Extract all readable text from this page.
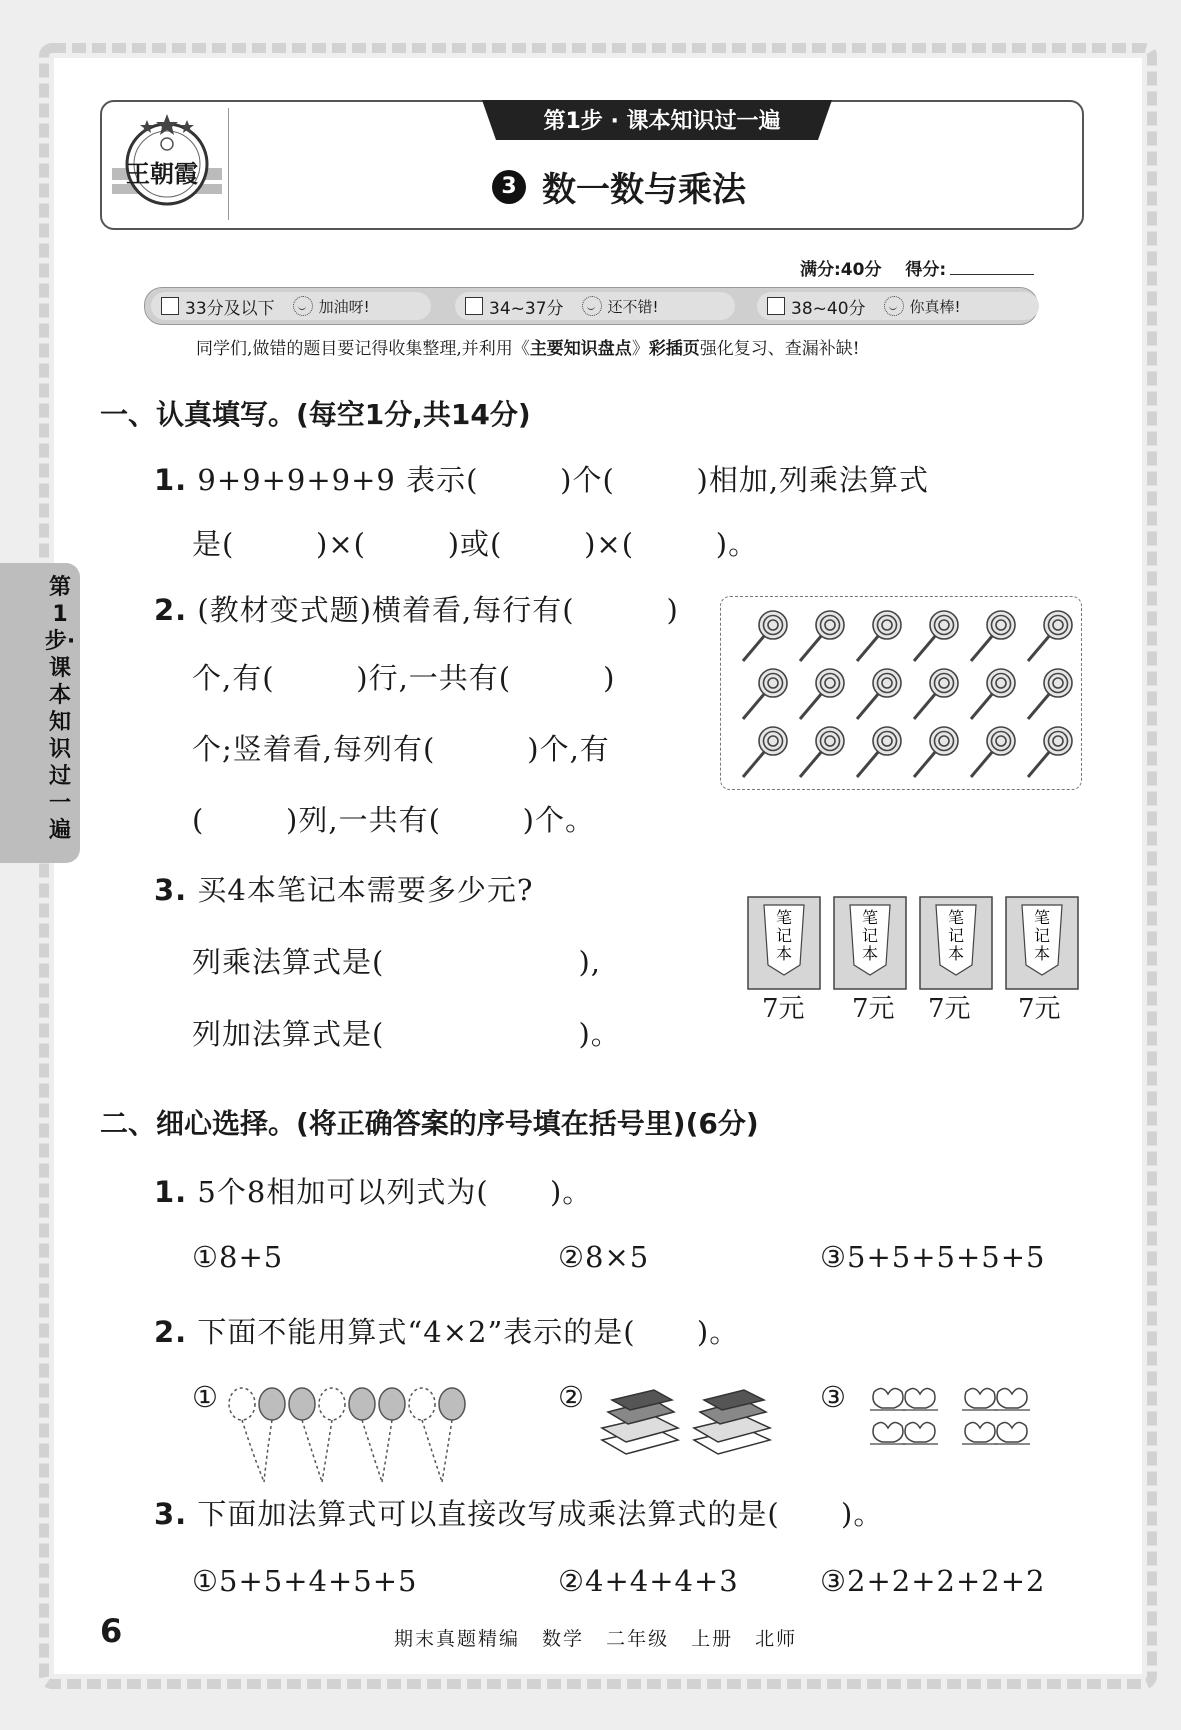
第1步·课本知识过一遍
王朝霞
第1步 · 课本知识过一遍
3 数一数与乘法
满分:40分 得分:
33分及以下	加油呀!	34~37分	还不错!	38~40分	你真棒!
同学们,做错的题目要记得收集整理,并利用《主要知识盘点》彩插页强化复习、查漏补缺!
一、认真填写。(每空1分,共14分)
1. 9+9+9+9+9 表示(        )个(        )相加,列乘法算式
是(        )×(        )或(        )×(        )。
2. (教材变式题)横着看,每行有(         )
个,有(        )行,一共有(         )
个;竖着看,每列有(         )个,有
(        )列,一共有(        )个。
3. 买4本笔记本需要多少元?
列乘法算式是(                   ),
列加法算式是(                   )。
笔
记
本
笔
记
本
笔
记
本
笔
记
本
7元 7元 7元 7元
二、细心选择。(将正确答案的序号填在括号里)(6分)
1. 5个8相加可以列式为(      )。
①8+5	②8×5	③5+5+5+5+5
2. 下面不能用算式“4×2”表示的是(      )。
①	②	③
3. 下面加法算式可以直接改写成乘法算式的是(      )。
①5+5+4+5+5	②4+4+4+3	③2+2+2+2+2
6	期末真题精编 数学 二年级 上册 北师
